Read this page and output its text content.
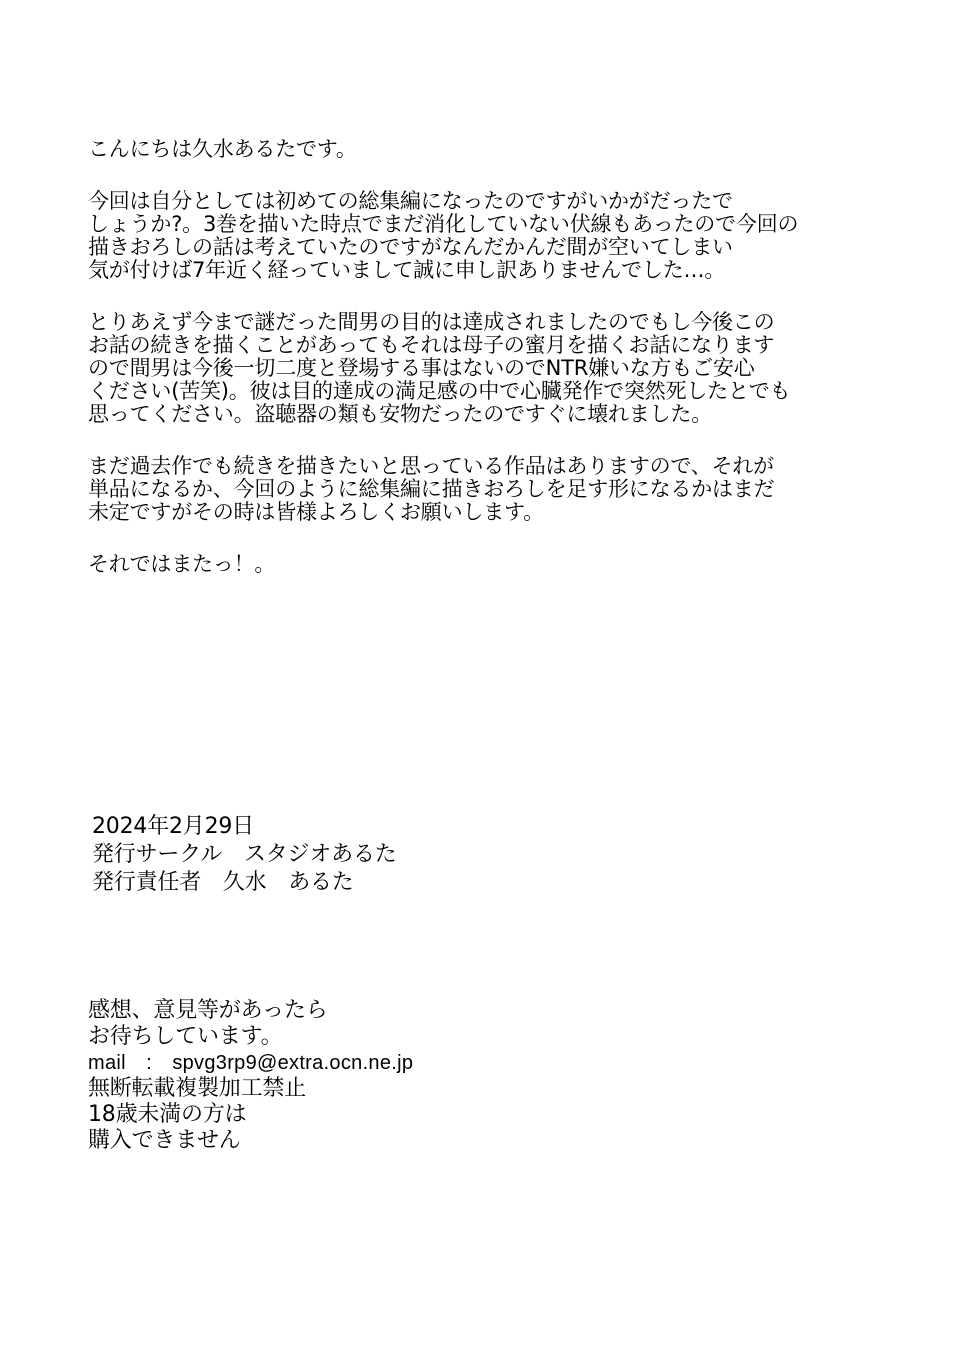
こんにちは久水あるたです。

今回は自分としては初めての総集編になったのですがいかがだったで
しょうか?。3巻を描いた時点でまだ消化していない伏線もあったので今回の
描きおろしの話は考えていたのですがなんだかんだ間が空いてしまい
気が付けば7年近く経っていまして誠に申し訳ありませんでした…。

とりあえず今まで謎だった間男の目的は達成されましたのでもし今後この
お話の続きを描くことがあってもそれは母子の蜜月を描くお話になります
ので間男は今後一切二度と登場する事はないのでNTR嫌いな方もご安心
ください(苦笑)。彼は目的達成の満足感の中で心臓発作で突然死したとでも
思ってください。盗聴器の類も安物だったのですぐに壊れました。

まだ過去作でも続きを描きたいと思っている作品はありますので、それが
単品になるか、今回のように総集編に描きおろしを足す形になるかはまだ
未定ですがその時は皆様よろしくお願いします。

それではまたっ！。

2024年2月29日
発行サークル　スタジオあるた
発行責任者　久水　あるた
感想、意見等があったら
お待ちしています。
mail　:　spvg3rp9@extra.ocn.ne.jp
無断転載複製加工禁止
18歳未満の方は
購入できません
